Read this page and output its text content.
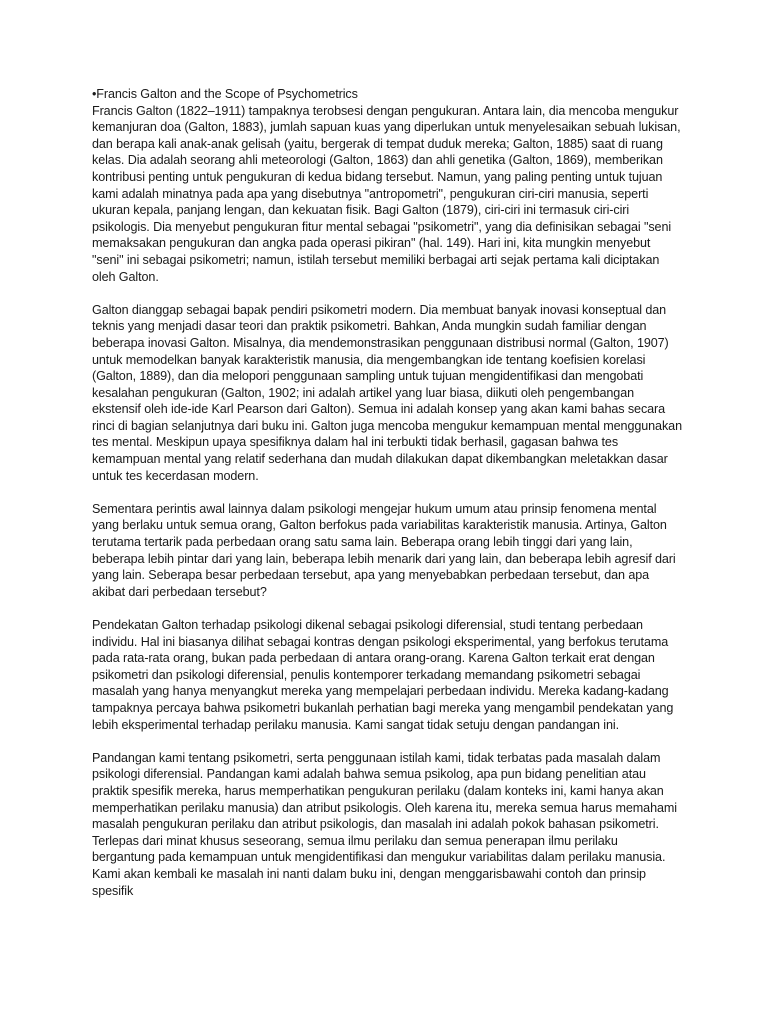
•Francis Galton and the Scope of Psychometrics

Francis Galton (1822–1911) tampaknya terobsesi dengan pengukuran. Antara lain, dia mencoba mengukur kemanjuran doa (Galton, 1883), jumlah sapuan kuas yang diperlukan untuk menyelesaikan sebuah lukisan, dan berapa kali anak-anak gelisah (yaitu, bergerak di tempat duduk mereka; Galton, 1885) saat di ruang kelas. Dia adalah seorang ahli meteorologi (Galton, 1863) dan ahli genetika (Galton, 1869), memberikan kontribusi penting untuk pengukuran di kedua bidang tersebut. Namun, yang paling penting untuk tujuan kami adalah minatnya pada apa yang disebutnya "antropometri", pengukuran ciri-ciri manusia, seperti ukuran kepala, panjang lengan, dan kekuatan fisik. Bagi Galton (1879), ciri-ciri ini termasuk ciri-ciri psikologis. Dia menyebut pengukuran fitur mental sebagai "psikometri", yang dia definisikan sebagai "seni memaksakan pengukuran dan angka pada operasi pikiran" (hal. 149). Hari ini, kita mungkin menyebut "seni" ini sebagai psikometri; namun, istilah tersebut memiliki berbagai arti sejak pertama kali diciptakan oleh Galton.

Galton dianggap sebagai bapak pendiri psikometri modern. Dia membuat banyak inovasi konseptual dan teknis yang menjadi dasar teori dan praktik psikometri. Bahkan, Anda mungkin sudah familiar dengan beberapa inovasi Galton. Misalnya, dia mendemonstrasikan penggunaan distribusi normal (Galton, 1907) untuk memodelkan banyak karakteristik manusia, dia mengembangkan ide tentang koefisien korelasi (Galton, 1889), dan dia melopori penggunaan sampling untuk tujuan mengidentifikasi dan mengobati kesalahan pengukuran (Galton, 1902; ini adalah artikel yang luar biasa, diikuti oleh pengembangan ekstensif oleh ide-ide Karl Pearson dari Galton). Semua ini adalah konsep yang akan kami bahas secara rinci di bagian selanjutnya dari buku ini. Galton juga mencoba mengukur kemampuan mental menggunakan tes mental. Meskipun upaya spesifiknya dalam hal ini terbukti tidak berhasil, gagasan bahwa tes kemampuan mental yang relatif sederhana dan mudah dilakukan dapat dikembangkan meletakkan dasar untuk tes kecerdasan modern.

Sementara perintis awal lainnya dalam psikologi mengejar hukum umum atau prinsip fenomena mental yang berlaku untuk semua orang, Galton berfokus pada variabilitas karakteristik manusia. Artinya, Galton terutama tertarik pada perbedaan orang satu sama lain. Beberapa orang lebih tinggi dari yang lain, beberapa lebih pintar dari yang lain, beberapa lebih menarik dari yang lain, dan beberapa lebih agresif dari yang lain. Seberapa besar perbedaan tersebut, apa yang menyebabkan perbedaan tersebut, dan apa akibat dari perbedaan tersebut?

Pendekatan Galton terhadap psikologi dikenal sebagai psikologi diferensial, studi tentang perbedaan individu. Hal ini biasanya dilihat sebagai kontras dengan psikologi eksperimental, yang berfokus terutama pada rata-rata orang, bukan pada perbedaan di antara orang-orang. Karena Galton terkait erat dengan psikometri dan psikologi diferensial, penulis kontemporer terkadang memandang psikometri sebagai masalah yang hanya menyangkut mereka yang mempelajari perbedaan individu. Mereka kadang-kadang tampaknya percaya bahwa psikometri bukanlah perhatian bagi mereka yang mengambil pendekatan yang lebih eksperimental terhadap perilaku manusia. Kami sangat tidak setuju dengan pandangan ini.

Pandangan kami tentang psikometri, serta penggunaan istilah kami, tidak terbatas pada masalah dalam psikologi diferensial. Pandangan kami adalah bahwa semua psikolog, apa pun bidang penelitian atau praktik spesifik mereka, harus memperhatikan pengukuran perilaku (dalam konteks ini, kami hanya akan memperhatikan perilaku manusia) dan atribut psikologis. Oleh karena itu, mereka semua harus memahami masalah pengukuran perilaku dan atribut psikologis, dan masalah ini adalah pokok bahasan psikometri. Terlepas dari minat khusus seseorang, semua ilmu perilaku dan semua penerapan ilmu perilaku bergantung pada kemampuan untuk mengidentifikasi dan mengukur variabilitas dalam perilaku manusia. Kami akan kembali ke masalah ini nanti dalam buku ini, dengan menggarisbawahi contoh dan prinsip spesifik
